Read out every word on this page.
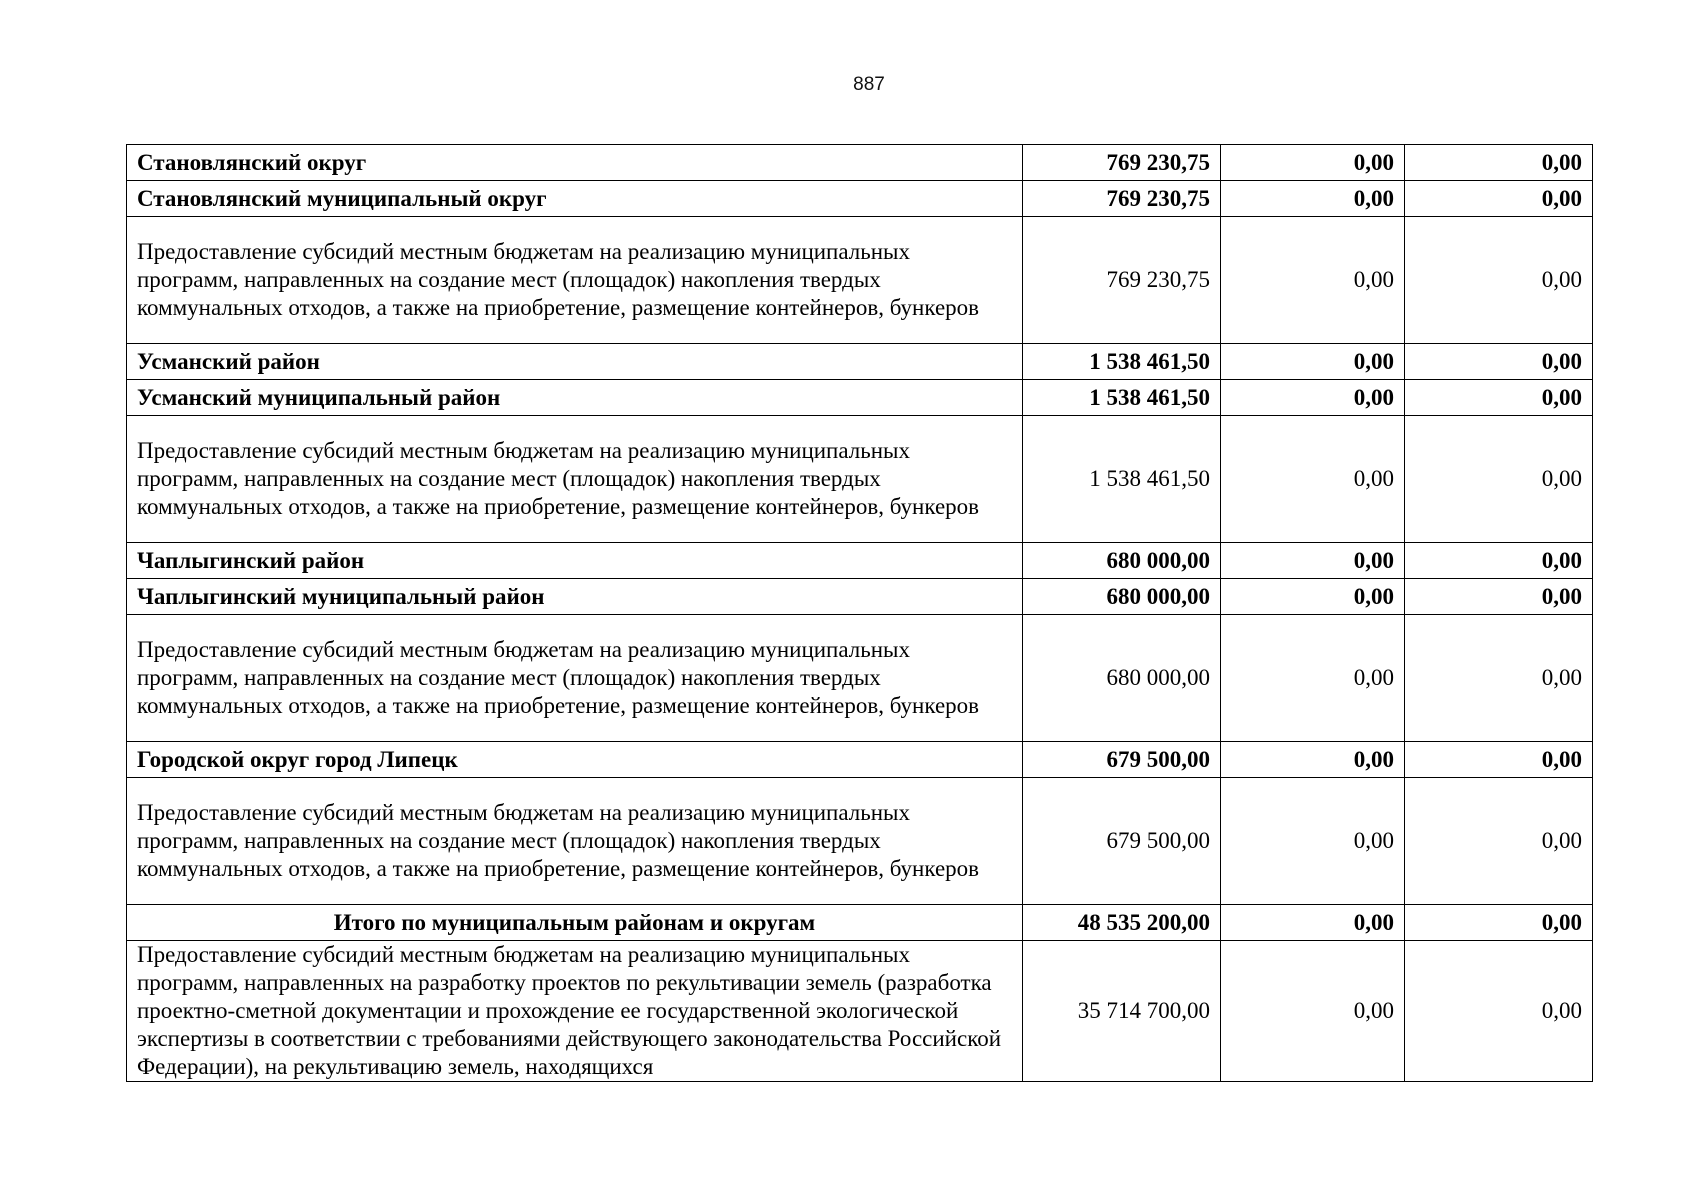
887
Становлянский округ	769 230,75	0,00	0,00

Становлянский муниципальный округ	769 230,75	0,00	0,00

Предоставление субсидий местным бюджетам на реализацию муниципальных программ, направленных на создание мест (площадок) накопления твердых коммунальных отходов, а также на приобретение, размещение контейнеров, бункеров	769 230,75	0,00	0,00

Усманский район	1 538 461,50	0,00	0,00

Усманский муниципальный район	1 538 461,50	0,00	0,00

Предоставление субсидий местным бюджетам на реализацию муниципальных программ, направленных на создание мест (площадок) накопления твердых коммунальных отходов, а также на приобретение, размещение контейнеров, бункеров	1 538 461,50	0,00	0,00

Чаплыгинский район	680 000,00	0,00	0,00

Чаплыгинский муниципальный район	680 000,00	0,00	0,00

Предоставление субсидий местным бюджетам на реализацию муниципальных программ, направленных на создание мест (площадок) накопления твердых коммунальных отходов, а также на приобретение, размещение контейнеров, бункеров	680 000,00	0,00	0,00

Городской округ город Липецк	679 500,00	0,00	0,00

Предоставление субсидий местным бюджетам на реализацию муниципальных программ, направленных на создание мест (площадок) накопления твердых коммунальных отходов, а также на приобретение, размещение контейнеров, бункеров	679 500,00	0,00	0,00

Итого по муниципальным районам и округам	48 535 200,00	0,00	0,00

Предоставление субсидий местным бюджетам на реализацию муниципальных программ, направленных на разработку проектов по рекультивации земель (разработка проектно-сметной документации и прохождение ее государственной экологической экспертизы в соответствии с требованиями действующего законодательства Российской Федерации), на рекультивацию земель, находящихся	35 714 700,00	0,00	0,00
